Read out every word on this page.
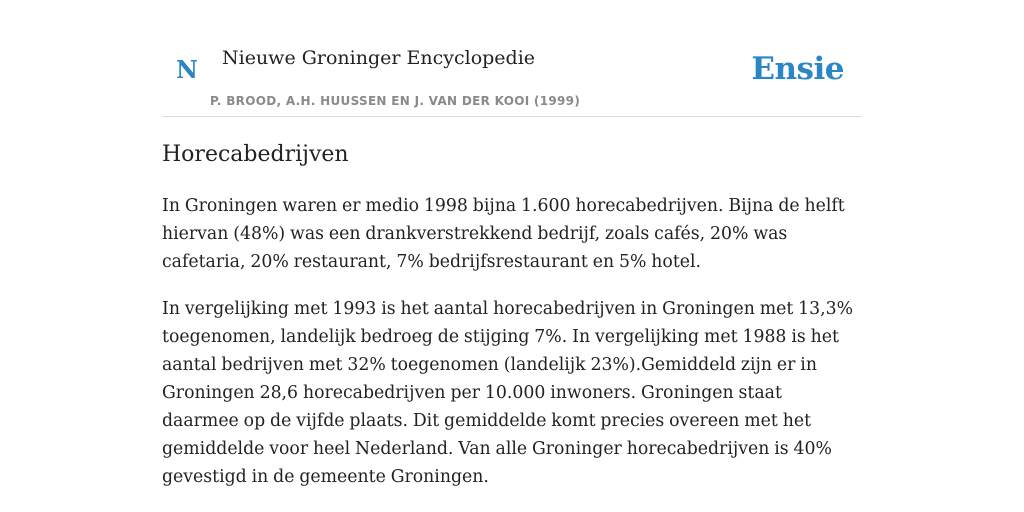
N Nieuwe Groninger Encyclopedie
P. BROOD, A.H. HUUSSEN EN J. VAN DER KOOI (1999)
Ensie
Horecabedrijven

In Groningen waren er medio 1998 bijna 1.600 horecabedrijven. Bijna de helft hiervan (48%) was een drankverstrekkend bedrijf, zoals cafés, 20% was cafetaria, 20% restaurant, 7% bedrijfsrestaurant en 5% hotel.

In vergelijking met 1993 is het aantal horecabedrijven in Groningen met 13,3% toegenomen, landelijk bedroeg de stijging 7%. In vergelijking met 1988 is het aantal bedrijven met 32% toegenomen (landelijk 23%).Gemiddeld zijn er in Groningen 28,6 horecabedrijven per 10.000 inwoners. Groningen staat daarmee op de vijfde plaats. Dit gemiddelde komt precies overeen met het gemiddelde voor heel Nederland. Van alle Groninger horecabedrijven is 40% gevestigd in de gemeente Groningen.
